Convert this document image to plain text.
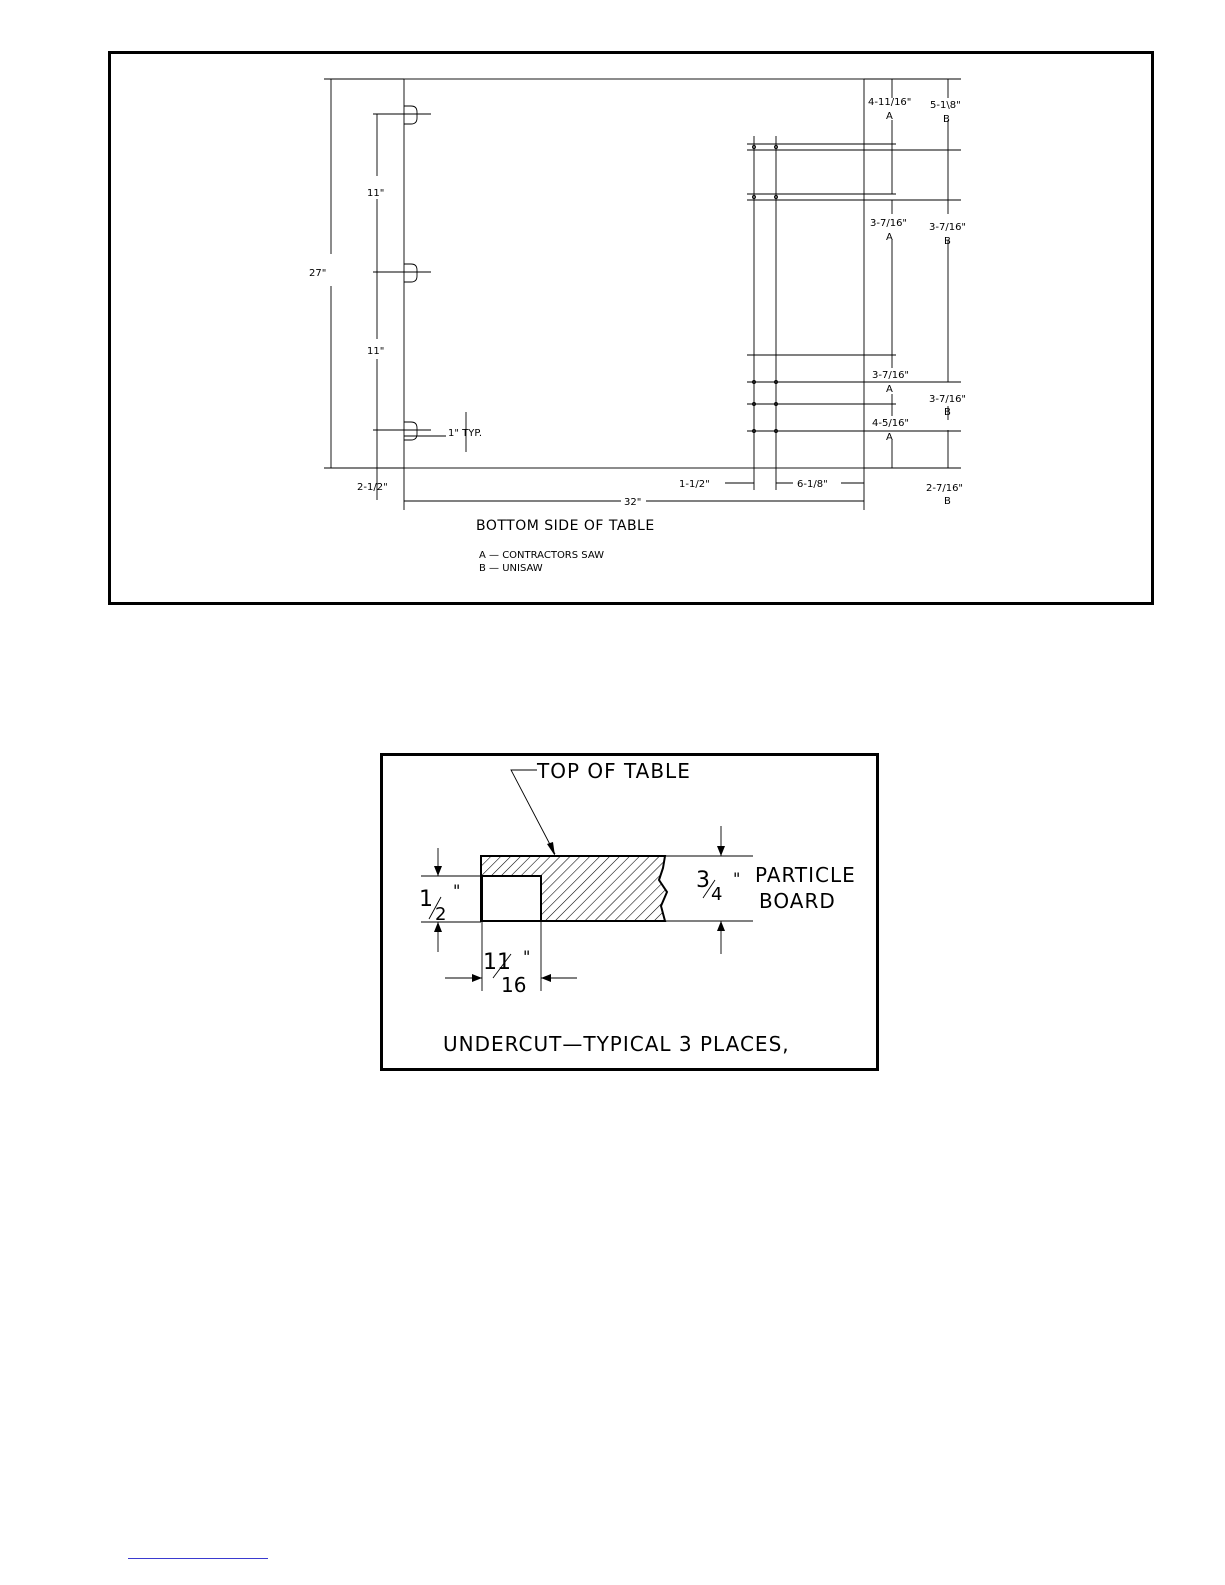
27"
11"
11"
1" TYP.
2-1/2"
32"
1-1/2"	6-1/8"
4-11/16"
A
3-7/16"
A
3-7/16"
A
4-5/16"
A
5-1\8"
B
3-7/16"
B
3-7/16"
B
2-7/16"
B
BOTTOM SIDE OF TABLE
A — CONTRACTORS SAW
B — UNISAW
TOP OF TABLE
3
4
" PARTICLE
BOARD
1
2
"
11
16
"
UNDERCUT—TYPICAL 3 PLACES,
